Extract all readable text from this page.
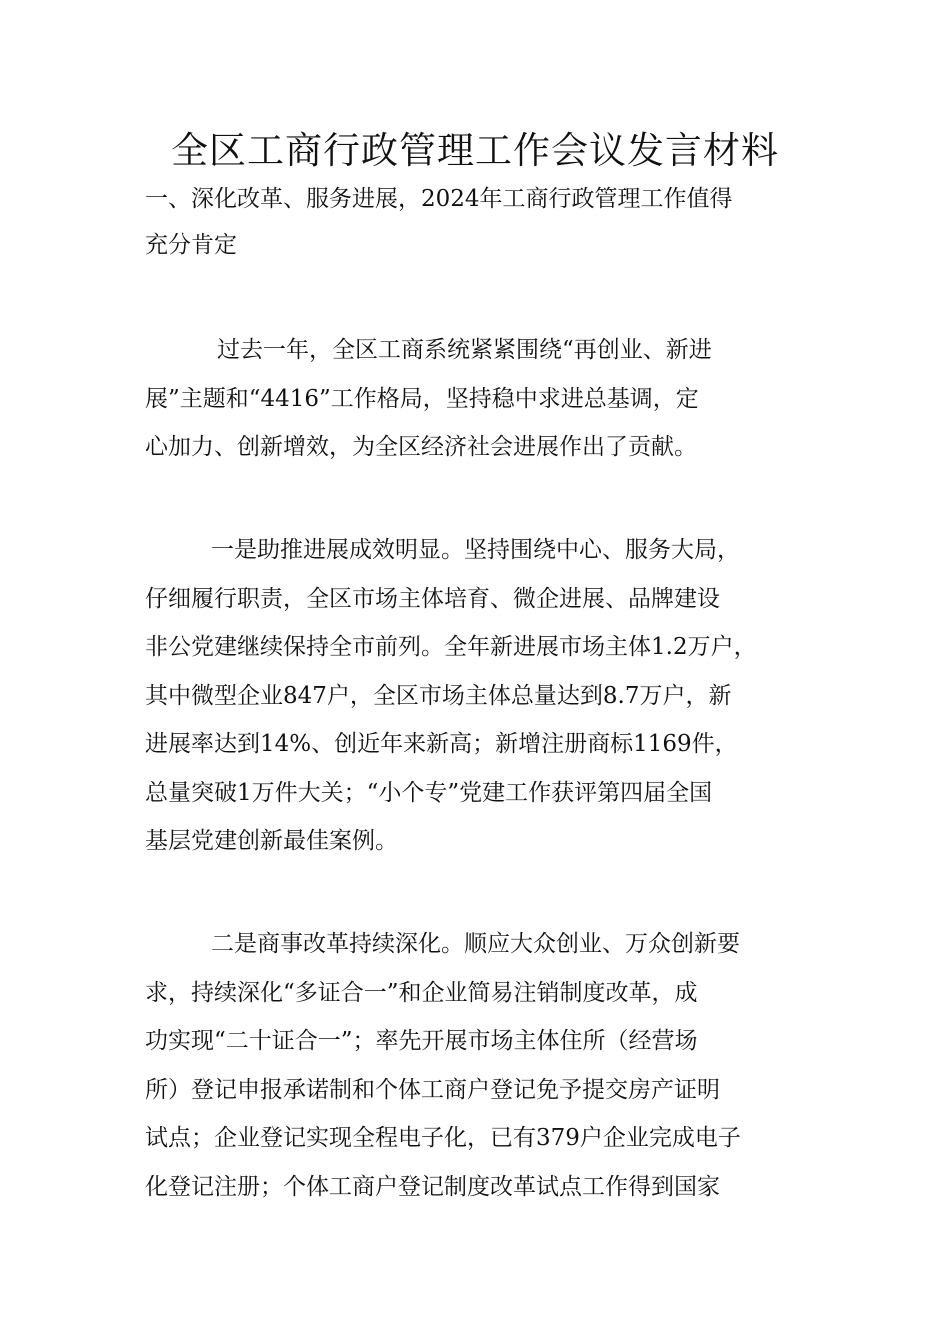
全区工商行政管理工作会议发言材料
一、深化改革、服务进展，2024年工商行政管理工作值得
充分肯定

过去一年，全区工商系统紧紧围绕“再创业、新进
展”主题和“4416”工作格局，坚持稳中求进总基调，定
心加力、创新增效，为全区经济社会进展作出了贡献。

一是助推进展成效明显。坚持围绕中心、服务大局，
仔细履行职责，全区市场主体培育、微企进展、品牌建设
非公党建继续保持全市前列。全年新进展市场主体1.2万户，
其中微型企业847户，全区市场主体总量达到8.7万户，新
进展率达到14%、创近年来新高；新增注册商标1169件，
总量突破1万件大关；“小个专”党建工作获评第四届全国
基层党建创新最佳案例。

二是商事改革持续深化。顺应大众创业、万众创新要
求，持续深化“多证合一”和企业简易注销制度改革，成
功实现“二十证合一”；率先开展市场主体住所（经营场
所）登记申报承诺制和个体工商户登记免予提交房产证明
试点；企业登记实现全程电子化，已有379户企业完成电子
化登记注册；个体工商户登记制度改革试点工作得到国家
